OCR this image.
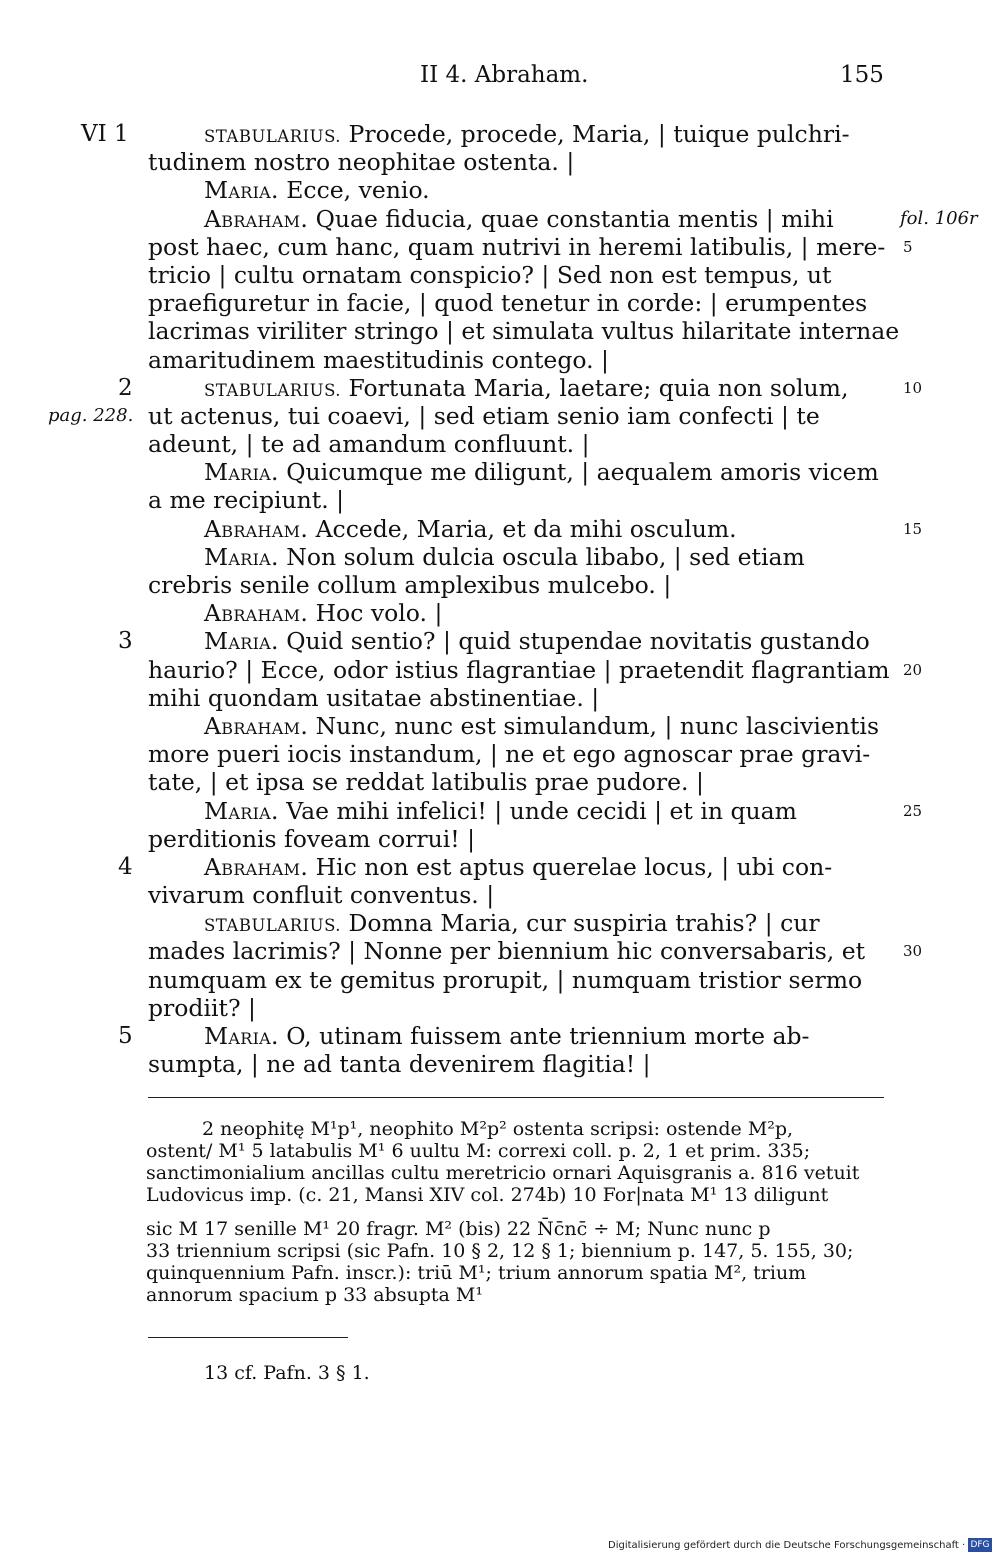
II 4. Abraham.	155
VI 1	STABULARIUS. Procede, procede, Maria, | tuique pulchri-
tudinem nostro neophitae ostenta. |
Maria. Ecce, venio.
Abraham. Quae fiducia, quae constantia mentis | mihi	fol. 106r
post haec, cum hanc, quam nutrivi in heremi latibulis, | mere- 5
tricio | cultu ornatam conspicio? | Sed non est tempus, ut
praefiguretur in facie, | quod tenetur in corde: | erumpentes
lacrimas viriliter stringo | et simulata vultus hilaritate internae
amaritudinem maestitudinis contego. |
2	STABULARIUS. Fortunata Maria, laetare; quia non solum,	10
pag. 228. ut actenus, tui coaevi, | sed etiam senio iam confecti | te
adeunt, | te ad amandum confluunt. |
Maria. Quicumque me diligunt, | aequalem amoris vicem
a me recipiunt. |
Abraham. Accede, Maria, et da mihi osculum.	15
Maria. Non solum dulcia oscula libabo, | sed etiam
crebris senile collum amplexibus mulcebo. |
Abraham. Hoc volo. |
3	Maria. Quid sentio? | quid stupendae novitatis gustando
haurio? | Ecce, odor istius flagrantiae | praetendit flagrantiam 20
mihi quondam usitatae abstinentiae. |
Abraham. Nunc, nunc est simulandum, | nunc lascivientis
more pueri iocis instandum, | ne et ego agnoscar prae gravi-
tate, | et ipsa se reddat latibulis prae pudore. |
Maria. Vae mihi infelici! | unde cecidi | et in quam	25
perditionis foveam corrui! |
4	Abraham. Hic non est aptus querelae locus, | ubi con-
vivarum confluit conventus. |
STABULARIUS. Domna Maria, cur suspiria trahis? | cur
mades lacrimis? | Nonne per biennium hic conversabaris, et	30
numquam ex te gemitus prorupit, | numquam tristior sermo
prodiit? |
5	Maria. O, utinam fuissem ante triennium morte ab-
sumpta, | ne ad tanta devenirem flagitia! |
2 neophitę M¹p¹, neophito M²p² ostenta scripsi: ostende M²p,
ostent/ M¹ 5 latabulis M¹ 6 uultu M: correxi coll. p. 2, 1 et prim. 335;
sanctimonialium ancillas cultu meretricio ornari Aquisgranis a. 816 vetuit
Ludovicus imp. (c. 21, Mansi XIV col. 274b) 10 For|nata M¹ 13 diligunt
sic M 17 senille M¹ 20 fragr. M² (bis) 22 N̄c̄nc̄ ÷ M; Nunc nunc p
33 triennium scripsi (sic Pafn. 10 § 2, 12 § 1; biennium p. 147, 5. 155, 30;
quinquennium Pafn. inscr.): triū M¹; trium annorum spatia M², trium
annorum spacium p 33 absupta M¹
13 cf. Pafn. 3 § 1.
Digitalisierung gefördert durch die Deutsche Forschungsgemeinschaft · DFG
